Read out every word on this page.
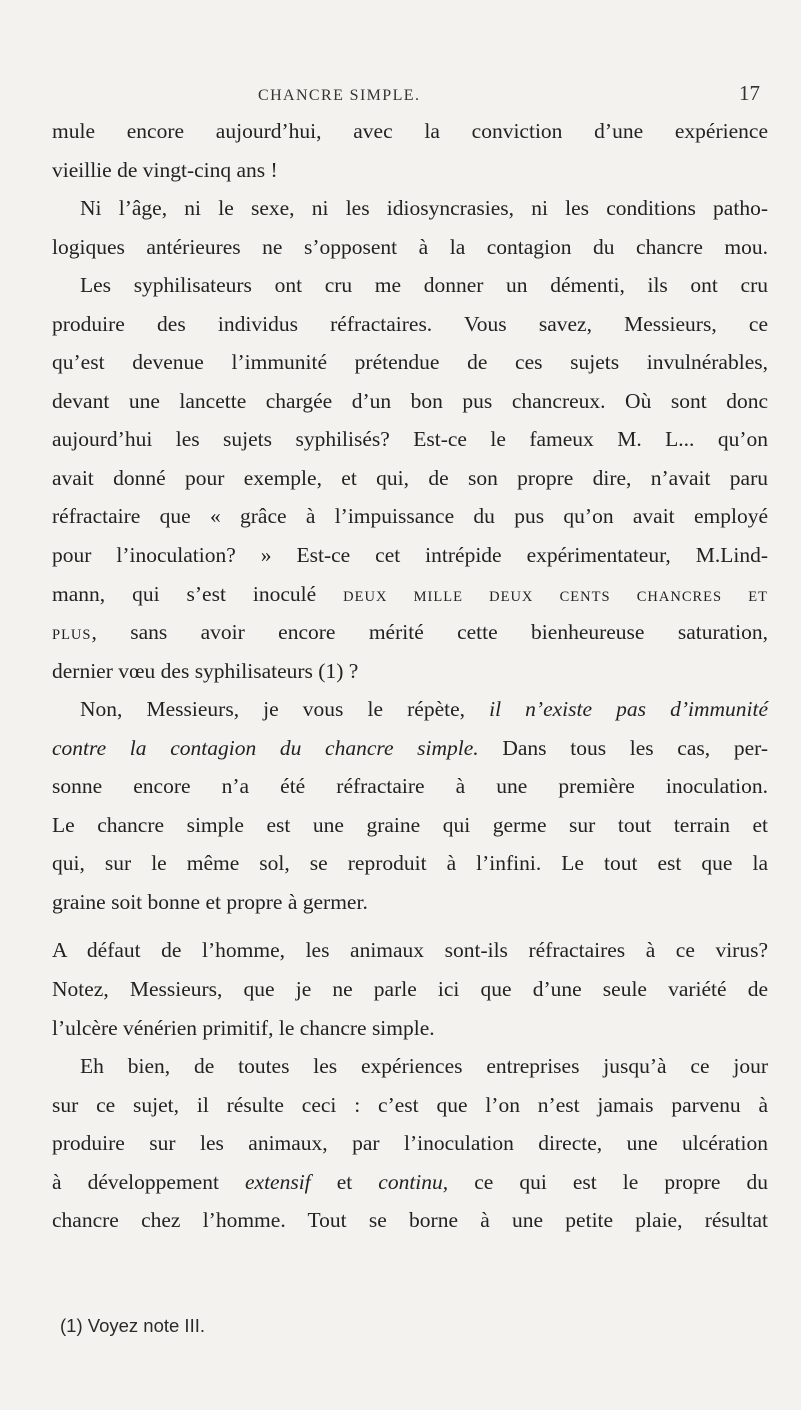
CHANCRE SIMPLE.	17
mule encore aujourd’hui, avec la conviction d’une expérience
vieillie de vingt-cinq ans !
Ni l’âge, ni le sexe, ni les idiosyncrasies, ni les conditions patho-
logiques antérieures ne s’opposent à la contagion du chancre mou.
Les syphilisateurs ont cru me donner un démenti, ils ont cru
produire des individus réfractaires. Vous savez, Messieurs, ce
qu’est devenue l’immunité prétendue de ces sujets invulnérables,
devant une lancette chargée d’un bon pus chancreux. Où sont donc
aujourd’hui les sujets syphilisés? Est-ce le fameux M. L... qu’on
avait donné pour exemple, et qui, de son propre dire, n’avait paru
réfractaire que « grâce à l’impuissance du pus qu’on avait employé
pour l’inoculation? » Est-ce cet intrépide expérimentateur, M.Lind-
mann, qui s’est inoculé DEUX MILLE DEUX CENTS CHANCRES ET
PLUS, sans avoir encore mérité cette bienheureuse saturation,
dernier vœu des syphilisateurs (1) ?
Non, Messieurs, je vous le répète, il n’existe pas d’immunité
contre la contagion du chancre simple. Dans tous les cas, per-
sonne encore n’a été réfractaire à une première inoculation.
Le chancre simple est une graine qui germe sur tout terrain et
qui, sur le même sol, se reproduit à l’infini. Le tout est que la
graine soit bonne et propre à germer.
A défaut de l’homme, les animaux sont-ils réfractaires à ce virus?
Notez, Messieurs, que je ne parle ici que d’une seule variété de
l’ulcère vénérien primitif, le chancre simple.
Eh bien, de toutes les expériences entreprises jusqu’à ce jour
sur ce sujet, il résulte ceci : c’est que l’on n’est jamais parvenu à
produire sur les animaux, par l’inoculation directe, une ulcération
à développement extensif et continu, ce qui est le propre du
chancre chez l’homme. Tout se borne à une petite plaie, résultat
(1) Voyez note III.
